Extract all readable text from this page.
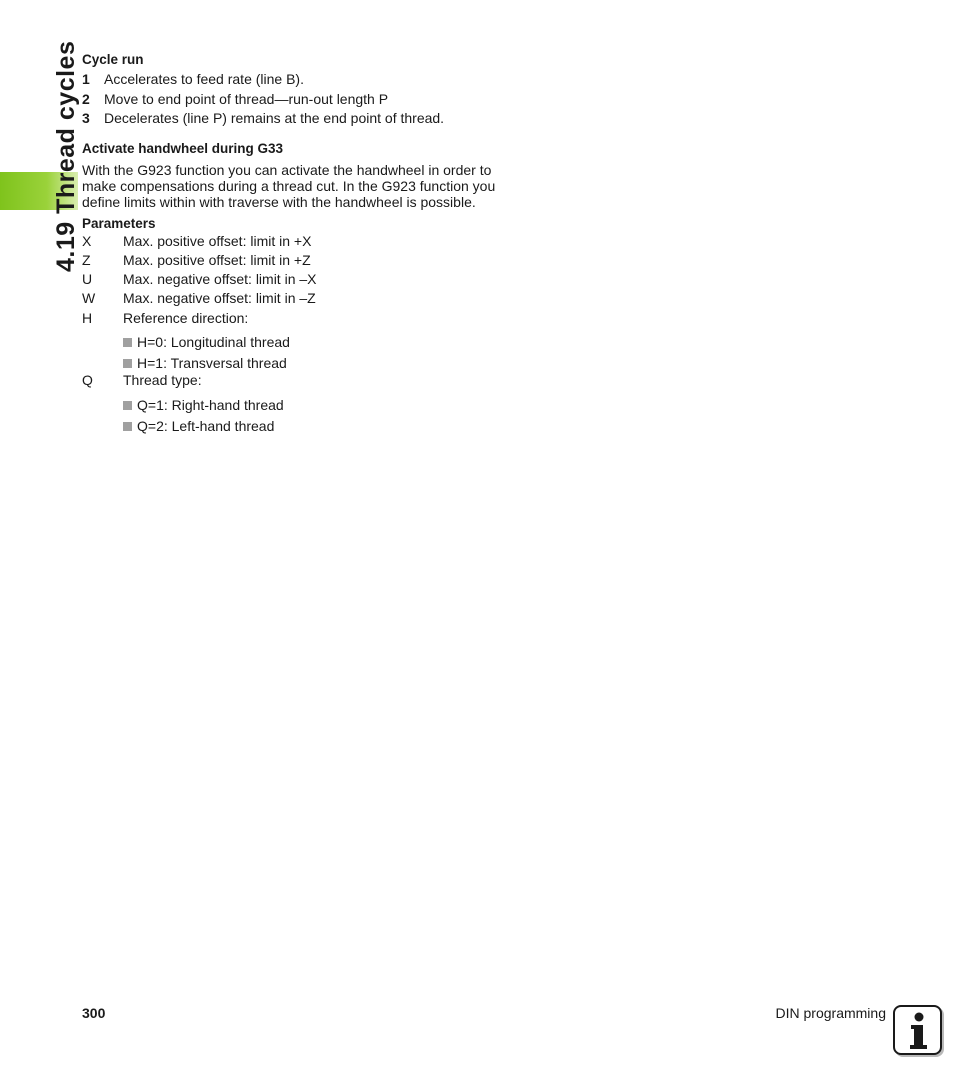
4.19 Thread cycles Cycle run

1	Accelerates to feed rate (line B).
2	Move to end point of thread—run-out length P
3	Decelerates (line P) remains at the end point of thread.

Activate handwheel during G33

With the G923 function you can activate the handwheel in order to

make compensations during a thread cut. In the G923 function you

define limits within with traverse with the handwheel is possible.

Parameters

X	Max. positive offset: limit in +X
Z	Max. positive offset: limit in +Z
U	Max. negative offset: limit in –X
W	Max. negative offset: limit in –Z
H	Reference direction:
H=0: Longitudinal thread
H=1: Transversal thread
Q	Thread type:
Q=1: Right-hand thread
Q=2: Left-hand thread
300	DIN programming
